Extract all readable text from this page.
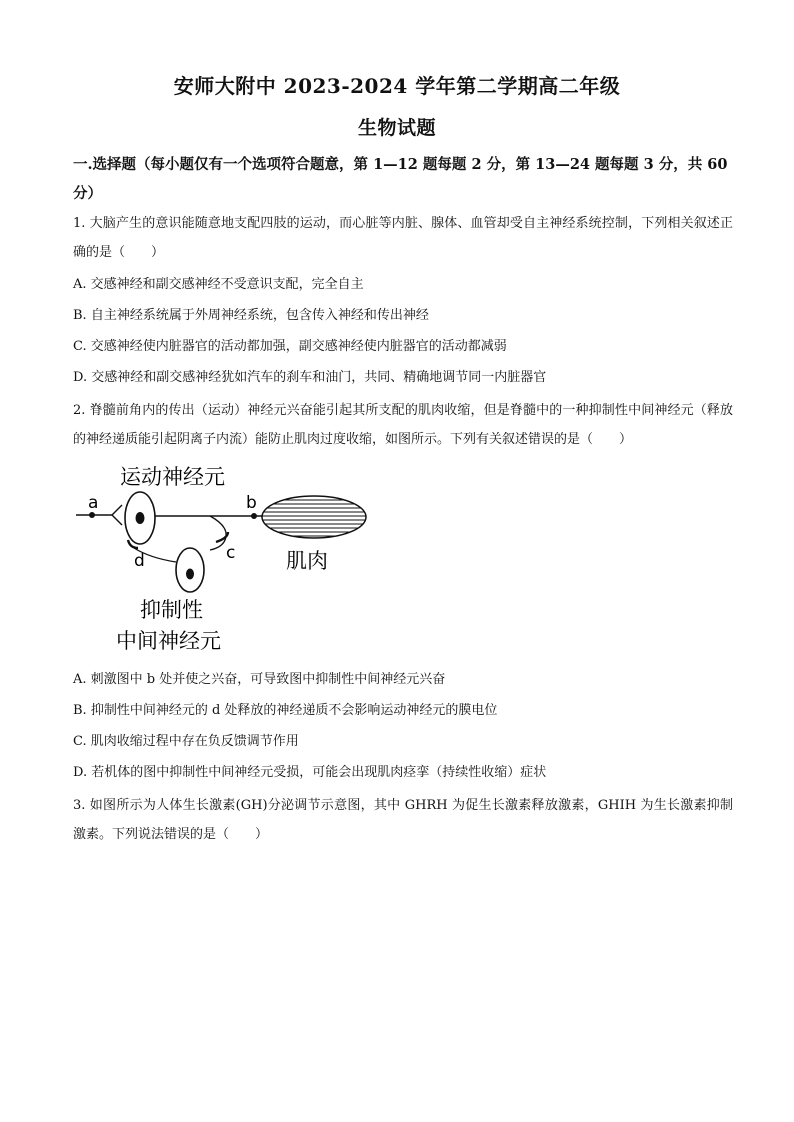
安师大附中 2023-2024 学年第二学期高二年级
生物试题
一.选择题（每小题仅有一个选项符合题意，第 1—12 题每题 2 分，第 13—24 题每题 3 分，共 60 分）
1. 大脑产生的意识能随意地支配四肢的运动，而心脏等内脏、腺体、血管却受自主神经系统控制，下列相关叙述正确的是（　　）
A. 交感神经和副交感神经不受意识支配，完全自主
B. 自主神经系统属于外周神经系统，包含传入神经和传出神经
C. 交感神经使内脏器官的活动都加强，副交感神经使内脏器官的活动都减弱
D. 交感神经和副交感神经犹如汽车的刹车和油门，共同、精确地调节同一内脏器官
2. 脊髓前角内的传出（运动）神经元兴奋能引起其所支配的肌肉收缩，但是脊髓中的一种抑制性中间神经元（释放的神经递质能引起阴离子内流）能防止肌肉过度收缩，如图所示。下列有关叙述错误的是（　　）
运动神经元
a	b
肌肉
c
d
抑制性
中间神经元
A. 刺激图中 b 处并使之兴奋，可导致图中抑制性中间神经元兴奋
B. 抑制性中间神经元的 d 处释放的神经递质不会影响运动神经元的膜电位
C. 肌肉收缩过程中存在负反馈调节作用
D. 若机体的图中抑制性中间神经元受损，可能会出现肌肉痉挛（持续性收缩）症状
3. 如图所示为人体生长激素(GH)分泌调节示意图，其中 GHRH 为促生长激素释放激素，GHIH 为生长激素抑制激素。下列说法错误的是（　　）
